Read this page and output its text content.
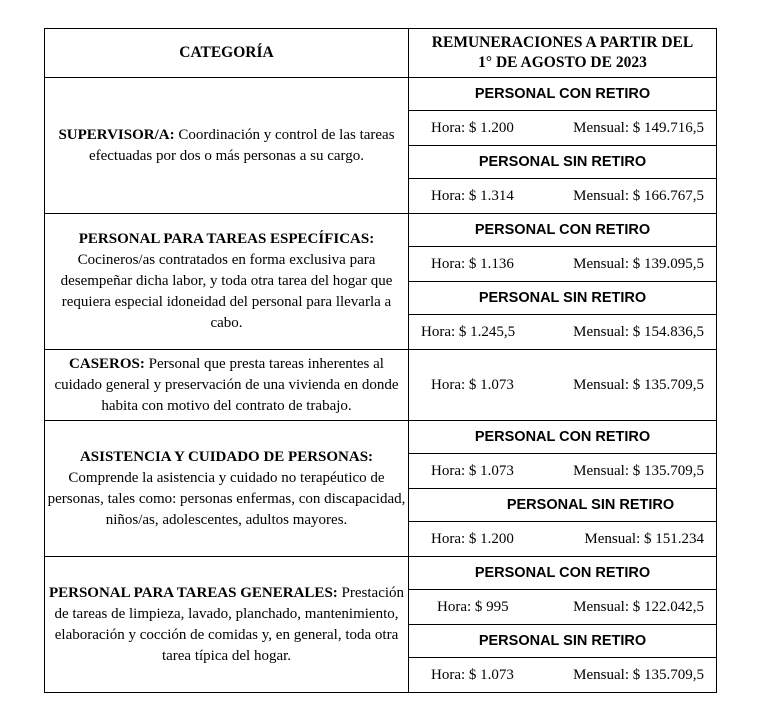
CATEGORÍA	REMUNERACIONES A PARTIR DEL
1° DE AGOSTO DE 2023

SUPERVISOR/A: Coordinación y control de las tareas efectuadas por dos o más personas a su cargo.	PERSONAL CON RETIRO

	Hora: $ 1.200 Mensual: $ 149.716,5

	PERSONAL SIN RETIRO

	Hora: $ 1.314 Mensual: $ 166.767,5

PERSONAL PARA TAREAS ESPECÍFICAS: Cocineros/as contratados en forma exclusiva para desempeñar dicha labor, y toda otra tarea del hogar que requiera especial idoneidad del personal para llevarla a cabo.	PERSONAL CON RETIRO

	Hora: $ 1.136 Mensual: $ 139.095,5

	PERSONAL SIN RETIRO

	Hora: $ 1.245,5 Mensual: $ 154.836,5

CASEROS: Personal que presta tareas inherentes al cuidado general y preservación de una vivienda en donde habita con motivo del contrato de trabajo.	Hora: $ 1.073 Mensual: $ 135.709,5

ASISTENCIA Y CUIDADO DE PERSONAS: Comprende la asistencia y cuidado no terapéutico de personas, tales como: personas enfermas, con discapacidad, niños/as, adolescentes, adultos mayores.	PERSONAL CON RETIRO

	Hora: $ 1.073 Mensual: $ 135.709,5

	PERSONAL SIN RETIRO

	Hora: $ 1.200 Mensual: $ 151.234

PERSONAL PARA TAREAS GENERALES: Prestación de tareas de limpieza, lavado, planchado, mantenimiento, elaboración y cocción de comidas y, en general, toda otra tarea típica del hogar.	PERSONAL CON RETIRO

	Hora: $ 995 Mensual: $ 122.042,5

	PERSONAL SIN RETIRO

	Hora: $ 1.073 Mensual: $ 135.709,5
